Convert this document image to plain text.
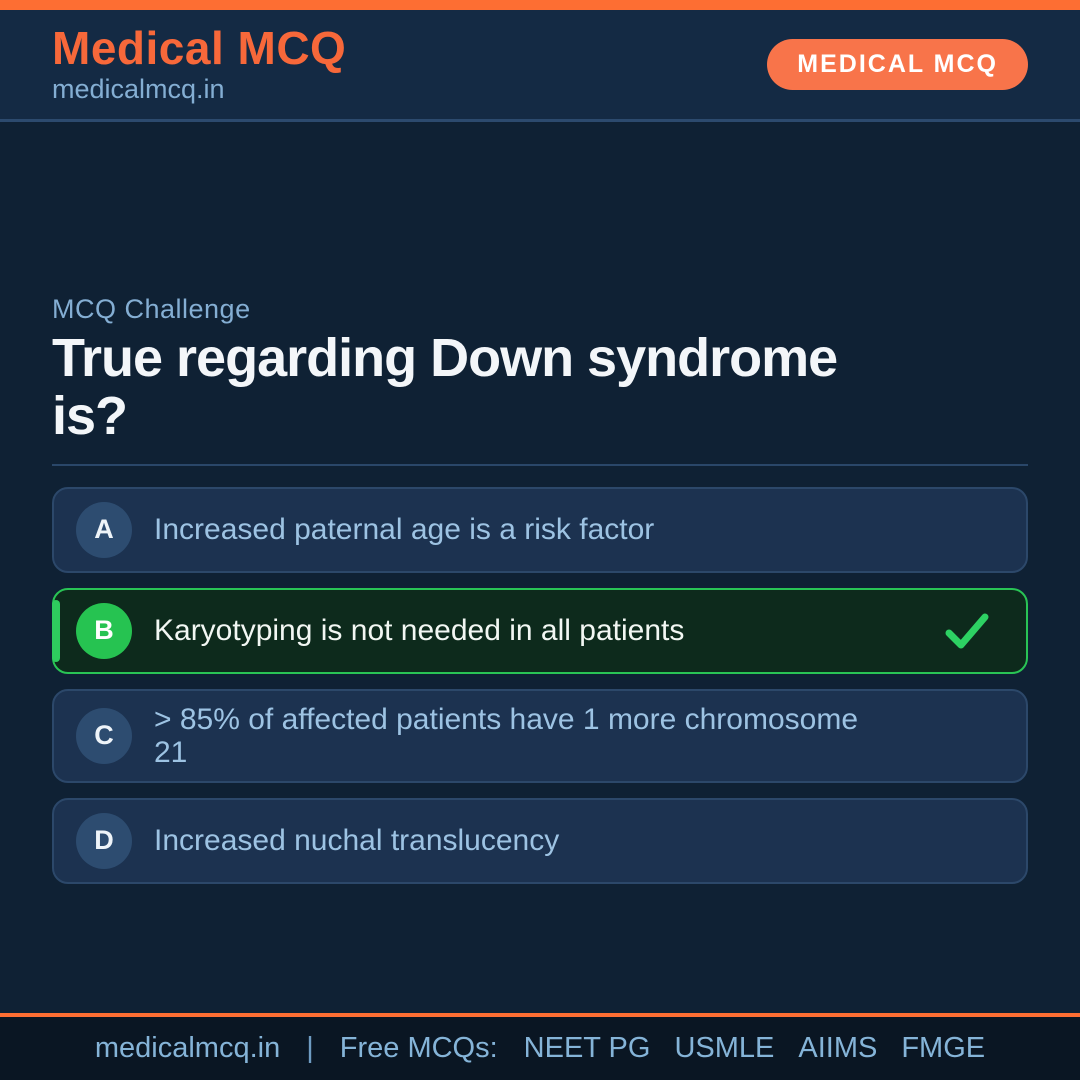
Medical MCQ
medicalmcq.in
MEDICAL MCQ
MCQ Challenge
True regarding Down syndrome
is?
A	Increased paternal age is a risk factor
B	Karyotyping is not needed in all patients
C	> 85% of affected patients have 1 more chromosome 21
D	Increased nuchal translucency
medicalmcq.in | Free MCQs: NEET PG USMLE AIIMS FMGE
